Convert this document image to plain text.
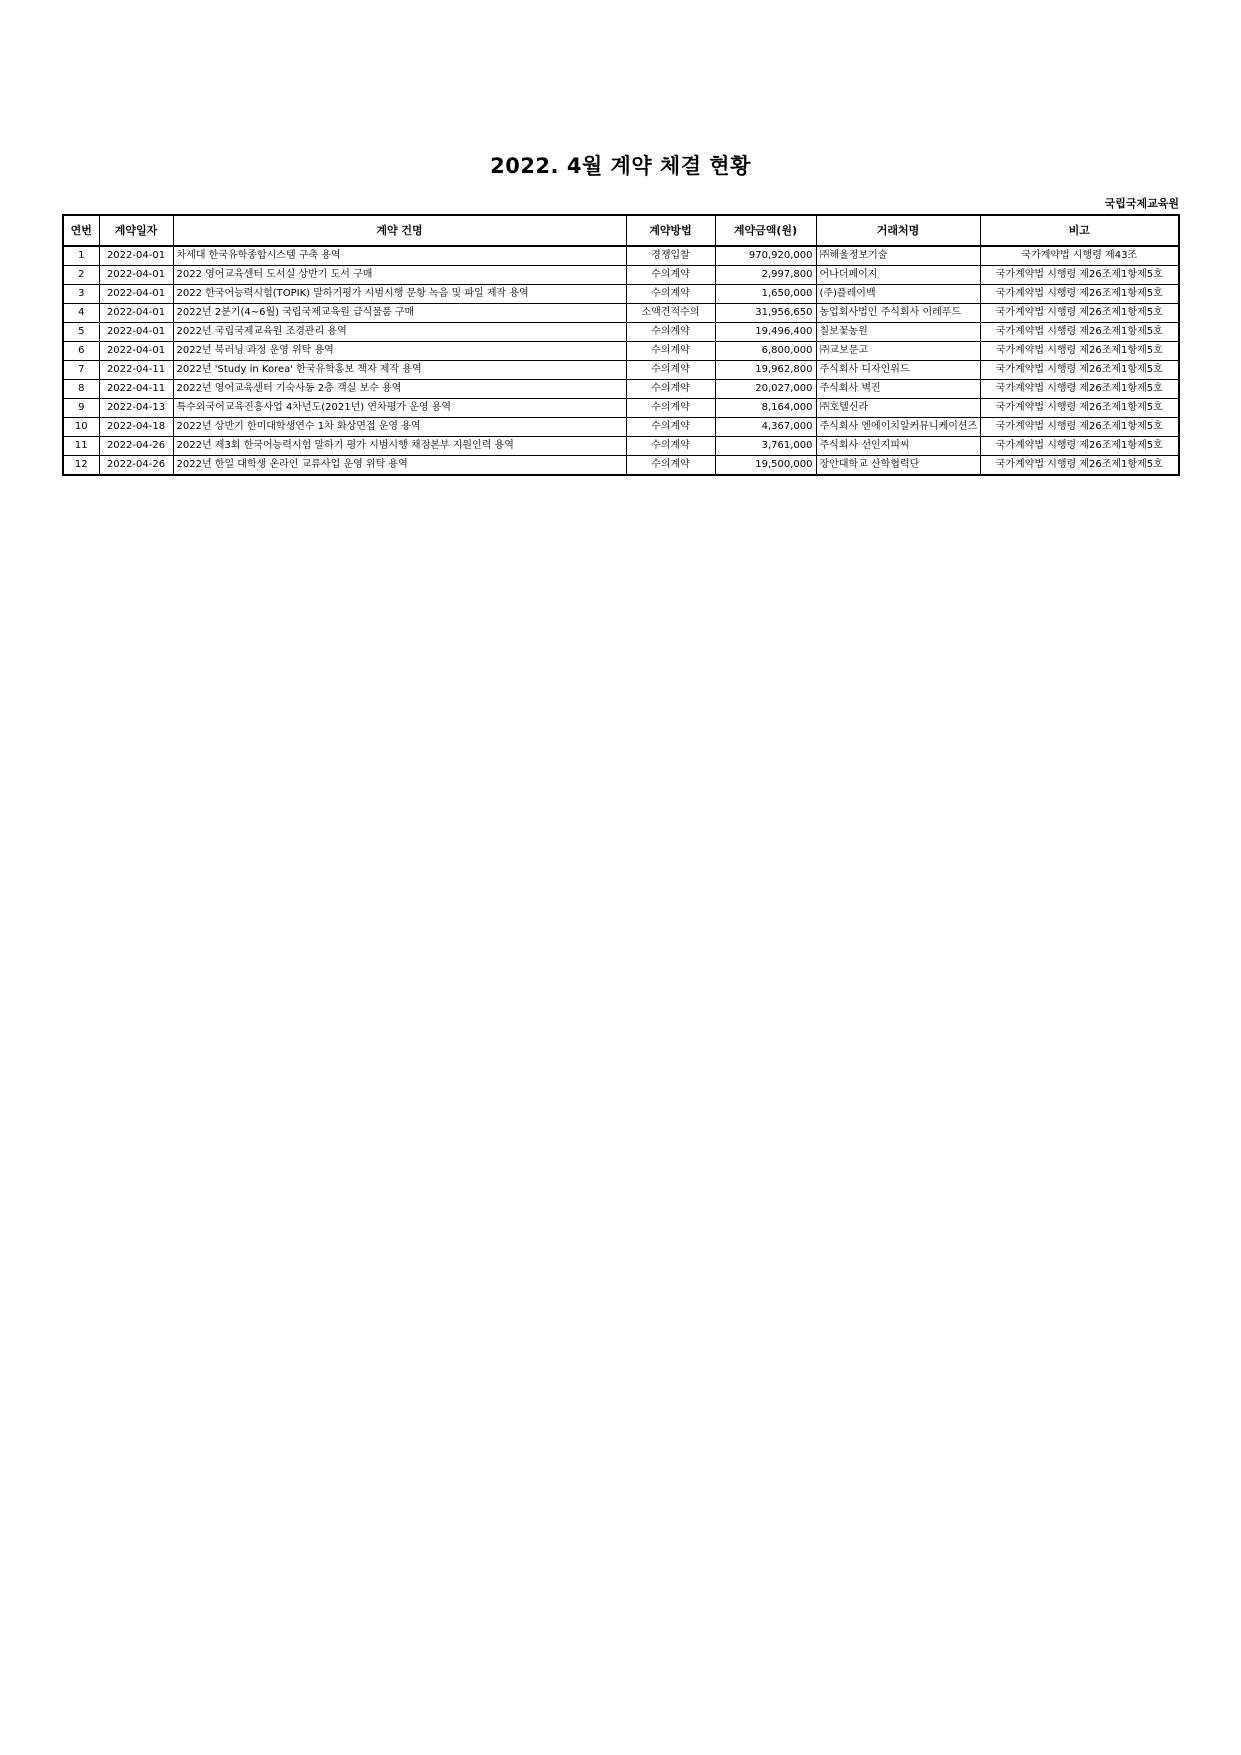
2022. 4월 계약 체결 현황
국립국제교육원
연번	계약일자	계약 건명	계약방법	계약금액(원)	거래처명	비고
1	2022-04-01	차세대 한국유학종합시스템 구축 용역	경쟁입찰	970,920,000	㈜해울정보기술	국가계약법 시행령 제43조
2	2022-04-01	2022 영어교육센터 도서실 상반기 도서 구매	수의계약	2,997,800	어나더페이지	국가계약법 시행령 제26조제1항제5호
3	2022-04-01	2022 한국어능력시험(TOPIK) 말하기평가 시범시행 문항 녹음 및 파일 제작 용역	수의계약	1,650,000	(주)플레이백	국가계약법 시행령 제26조제1항제5호
4	2022-04-01	2022년 2분기(4~6월) 국립국제교육원 급식물품 구매	소액견적수의	31,956,650	농업회사법인 주식회사 이레푸드	국가계약법 시행령 제26조제1항제5호
5	2022-04-01	2022년 국립국제교육원 조경관리 용역	수의계약	19,496,400	칠보꽃농원	국가계약법 시행령 제26조제1항제5호
6	2022-04-01	2022년 북러닝 과정 운영 위탁 용역	수의계약	6,800,000	㈜교보문고	국가계약법 시행령 제26조제1항제5호
7	2022-04-11	2022년 'Study in Korea' 한국유학홍보 책자 제작 용역	수의계약	19,962,800	주식회사 디자인위드	국가계약법 시행령 제26조제1항제5호
8	2022-04-11	2022년 영어교육센터 기숙사동 2층 객실 보수 용역	수의계약	20,027,000	주식회사 벽진	국가계약법 시행령 제26조제1항제5호
9	2022-04-13	특수외국어교육진흥사업 4차년도(2021년) 연차평가 운영 용역	수의계약	8,164,000	㈜호텔신라	국가계약법 시행령 제26조제1항제5호
10	2022-04-18	2022년 상반기 한미대학생연수 1차 화상면접 운영 용역	수의계약	4,367,000	주식회사 엔에이치알커뮤니케이션즈	국가계약법 시행령 제26조제1항제5호
11	2022-04-26	2022년 제3회 한국어능력시험 말하기 평가 시범시행 채점본부 지원인력 용역	수의계약	3,761,000	주식회사 선인지피씨	국가계약법 시행령 제26조제1항제5호
12	2022-04-26	2022년 한일 대학생 온라인 교류사업 운영 위탁 용역	수의계약	19,500,000	장안대학교 산학협력단	국가계약법 시행령 제26조제1항제5호
